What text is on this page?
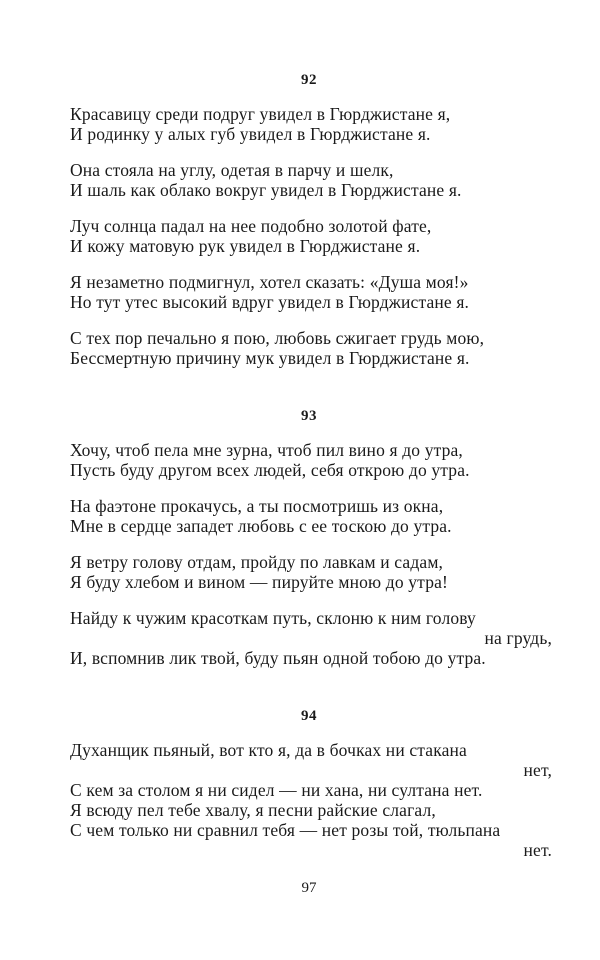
92
Красавицу среди подруг увидел в Гюрджистане я,
И родинку у алых губ увидел в Гюрджистане я.
Она стояла на углу, одетая в парчу и шелк,
И шаль как облако вокруг увидел в Гюрджистане я.
Луч солнца падал на нее подобно золотой фате,
И кожу матовую рук увидел в Гюрджистане я.
Я незаметно подмигнул, хотел сказать: «Душа моя!»
Но тут утес высокий вдруг увидел в Гюрджистане я.
С тех пор печально я пою, любовь сжигает грудь мою,
Бессмертную причину мук увидел в Гюрджистане я.
93
Хочу, чтоб пела мне зурна, чтоб пил вино я до утра,
Пусть буду другом всех людей, себя открою до утра.
На фаэтоне прокачусь, а ты посмотришь из окна,
Мне в сердце западет любовь с ее тоскою до утра.
Я ветру голову отдам, пройду по лавкам и садам,
Я буду хлебом и вином — пируйте мною до утра!
Найду к чужим красоткам путь, склоню к ним голову
на грудь,
И, вспомнив лик твой, буду пьян одной тобою до утра.
94
Духанщик пьяный, вот кто я, да в бочках ни стакана
нет,
С кем за столом я ни сидел — ни хана, ни султана нет.
Я всюду пел тебе хвалу, я песни райские слагал,
С чем только ни сравнил тебя — нет розы той, тюльпана
нет.
97
